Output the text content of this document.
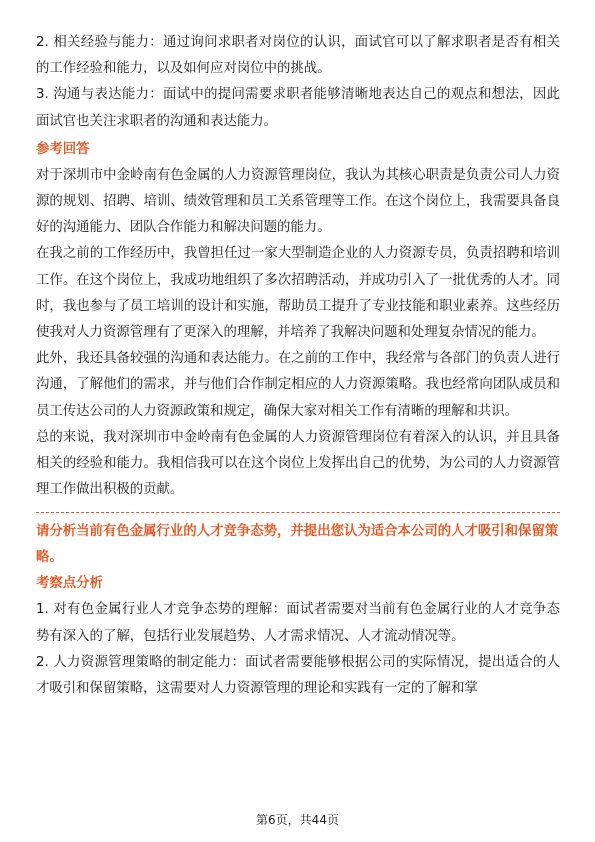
2. 相关经验与能力：通过询问求职者对岗位的认识，面试官可以了解求职者是否有相关的工作经验和能力，以及如何应对岗位中的挑战。

3. 沟通与表达能力：面试中的提问需要求职者能够清晰地表达自己的观点和想法，因此面试官也关注求职者的沟通和表达能力。

参考回答

对于深圳市中金岭南有色金属的人力资源管理岗位，我认为其核心职责是负责公司人力资源的规划、招聘、培训、绩效管理和员工关系管理等工作。在这个岗位上，我需要具备良好的沟通能力、团队合作能力和解决问题的能力。

在我之前的工作经历中，我曾担任过一家大型制造企业的人力资源专员，负责招聘和培训工作。在这个岗位上，我成功地组织了多次招聘活动，并成功引入了一批优秀的人才。同时，我也参与了员工培训的设计和实施，帮助员工提升了专业技能和职业素养。这些经历使我对人力资源管理有了更深入的理解，并培养了我解决问题和处理复杂情况的能力。

此外，我还具备较强的沟通和表达能力。在之前的工作中，我经常与各部门的负责人进行沟通，了解他们的需求，并与他们合作制定相应的人力资源策略。我也经常向团队成员和员工传达公司的人力资源政策和规定，确保大家对相关工作有清晰的理解和共识。

总的来说，我对深圳市中金岭南有色金属的人力资源管理岗位有着深入的认识，并且具备相关的经验和能力。我相信我可以在这个岗位上发挥出自己的优势，为公司的人力资源管理工作做出积极的贡献。

请分析当前有色金属行业的人才竞争态势，并提出您认为适合本公司的人才吸引和保留策略。

考察点分析

1. 对有色金属行业人才竞争态势的理解：面试者需要对当前有色金属行业的人才竞争态势有深入的了解，包括行业发展趋势、人才需求情况、人才流动情况等。

2. 人力资源管理策略的制定能力：面试者需要能够根据公司的实际情况，提出适合的人才吸引和保留策略，这需要对人力资源管理的理论和实践有一定的了解和掌

第6页，共44页
